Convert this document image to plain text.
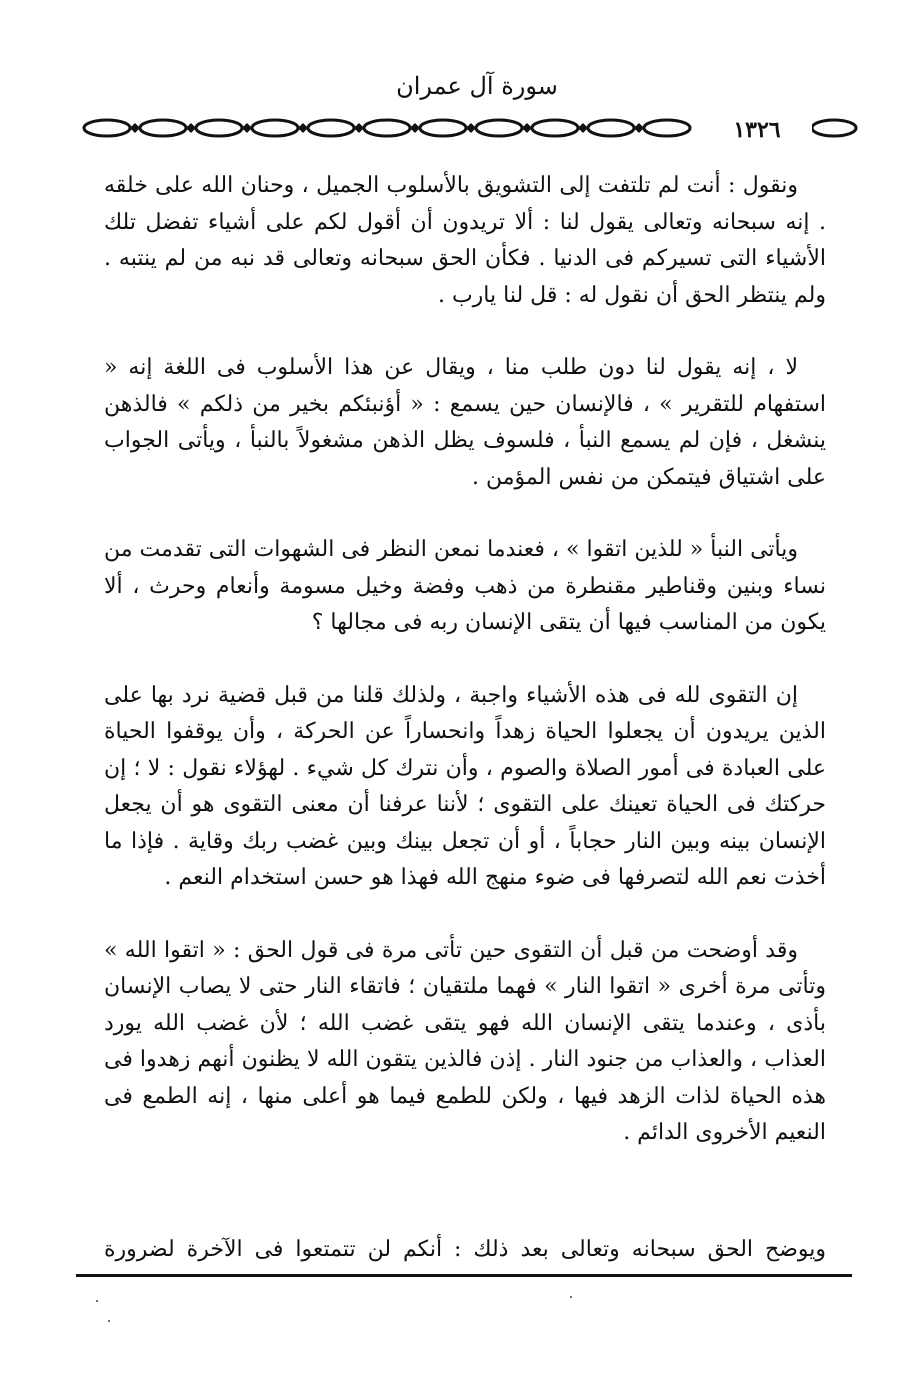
سورة آل عمران
١٣٢٦

ونقول : أنت لم تلتفت إلى التشويق بالأسلوب الجميل ، وحنان الله على خلقه . إنه سبحانه وتعالى يقول لنا : ألا تريدون أن أقول لكم على أشياء تفضل تلك الأشياء التى تسيركم فى الدنيا . فكأن الحق سبحانه وتعالى قد نبه من لم ينتبه . ولم ينتظر الحق أن نقول له : قل لنا يارب .

لا ، إنه يقول لنا دون طلب منا ، ويقال عن هذا الأسلوب فى اللغة إنه « استفهام للتقرير » ، فالإنسان حين يسمع : « أؤنبئكم بخير من ذلكم » فالذهن ينشغل ، فإن لم يسمع النبأ ، فلسوف يظل الذهن مشغولاً بالنبأ ، ويأتى الجواب على اشتياق فيتمكن من نفس المؤمن .

ويأتى النبأ « للذين اتقوا » ، فعندما نمعن النظر فى الشهوات التى تقدمت من نساء وبنين وقناطير مقنطرة من ذهب وفضة وخيل مسومة وأنعام وحرث ، ألا يكون من المناسب فيها أن يتقى الإنسان ربه فى مجالها ؟

إن التقوى لله فى هذه الأشياء واجبة ، ولذلك قلنا من قبل قضية نرد بها على الذين يريدون أن يجعلوا الحياة زهداً وانحساراً عن الحركة ، وأن يوقفوا الحياة على العبادة فى أمور الصلاة والصوم ، وأن نترك كل شيء . لهؤلاء نقول : لا ؛ إن حركتك فى الحياة تعينك على التقوى ؛ لأننا عرفنا أن معنى التقوى هو أن يجعل الإنسان بينه وبين النار حجاباً ، أو أن تجعل بينك وبين غضب ربك وقاية . فإذا ما أخذت نعم الله لتصرفها فى ضوء منهج الله فهذا هو حسن استخدام النعم .

وقد أوضحت من قبل أن التقوى حين تأتى مرة فى قول الحق : « اتقوا الله » وتأتى مرة أخرى « اتقوا النار » فهما ملتقيان ؛ فاتقاء النار حتى لا يصاب الإنسان بأذى ، وعندما يتقى الإنسان الله فهو يتقى غضب الله ؛ لأن غضب الله يورد العذاب ، والعذاب من جنود النار . إذن فالذين يتقون الله لا يظنون أنهم زهدوا فى هذه الحياة لذات الزهد فيها ، ولكن للطمع فيما هو أعلى منها ، إنه الطمع فى النعيم الأخروى الدائم .

ويوضح الحق سبحانه وتعالى بعد ذلك : أنكم لن تتمتعوا فى الآخرة لضرورة
